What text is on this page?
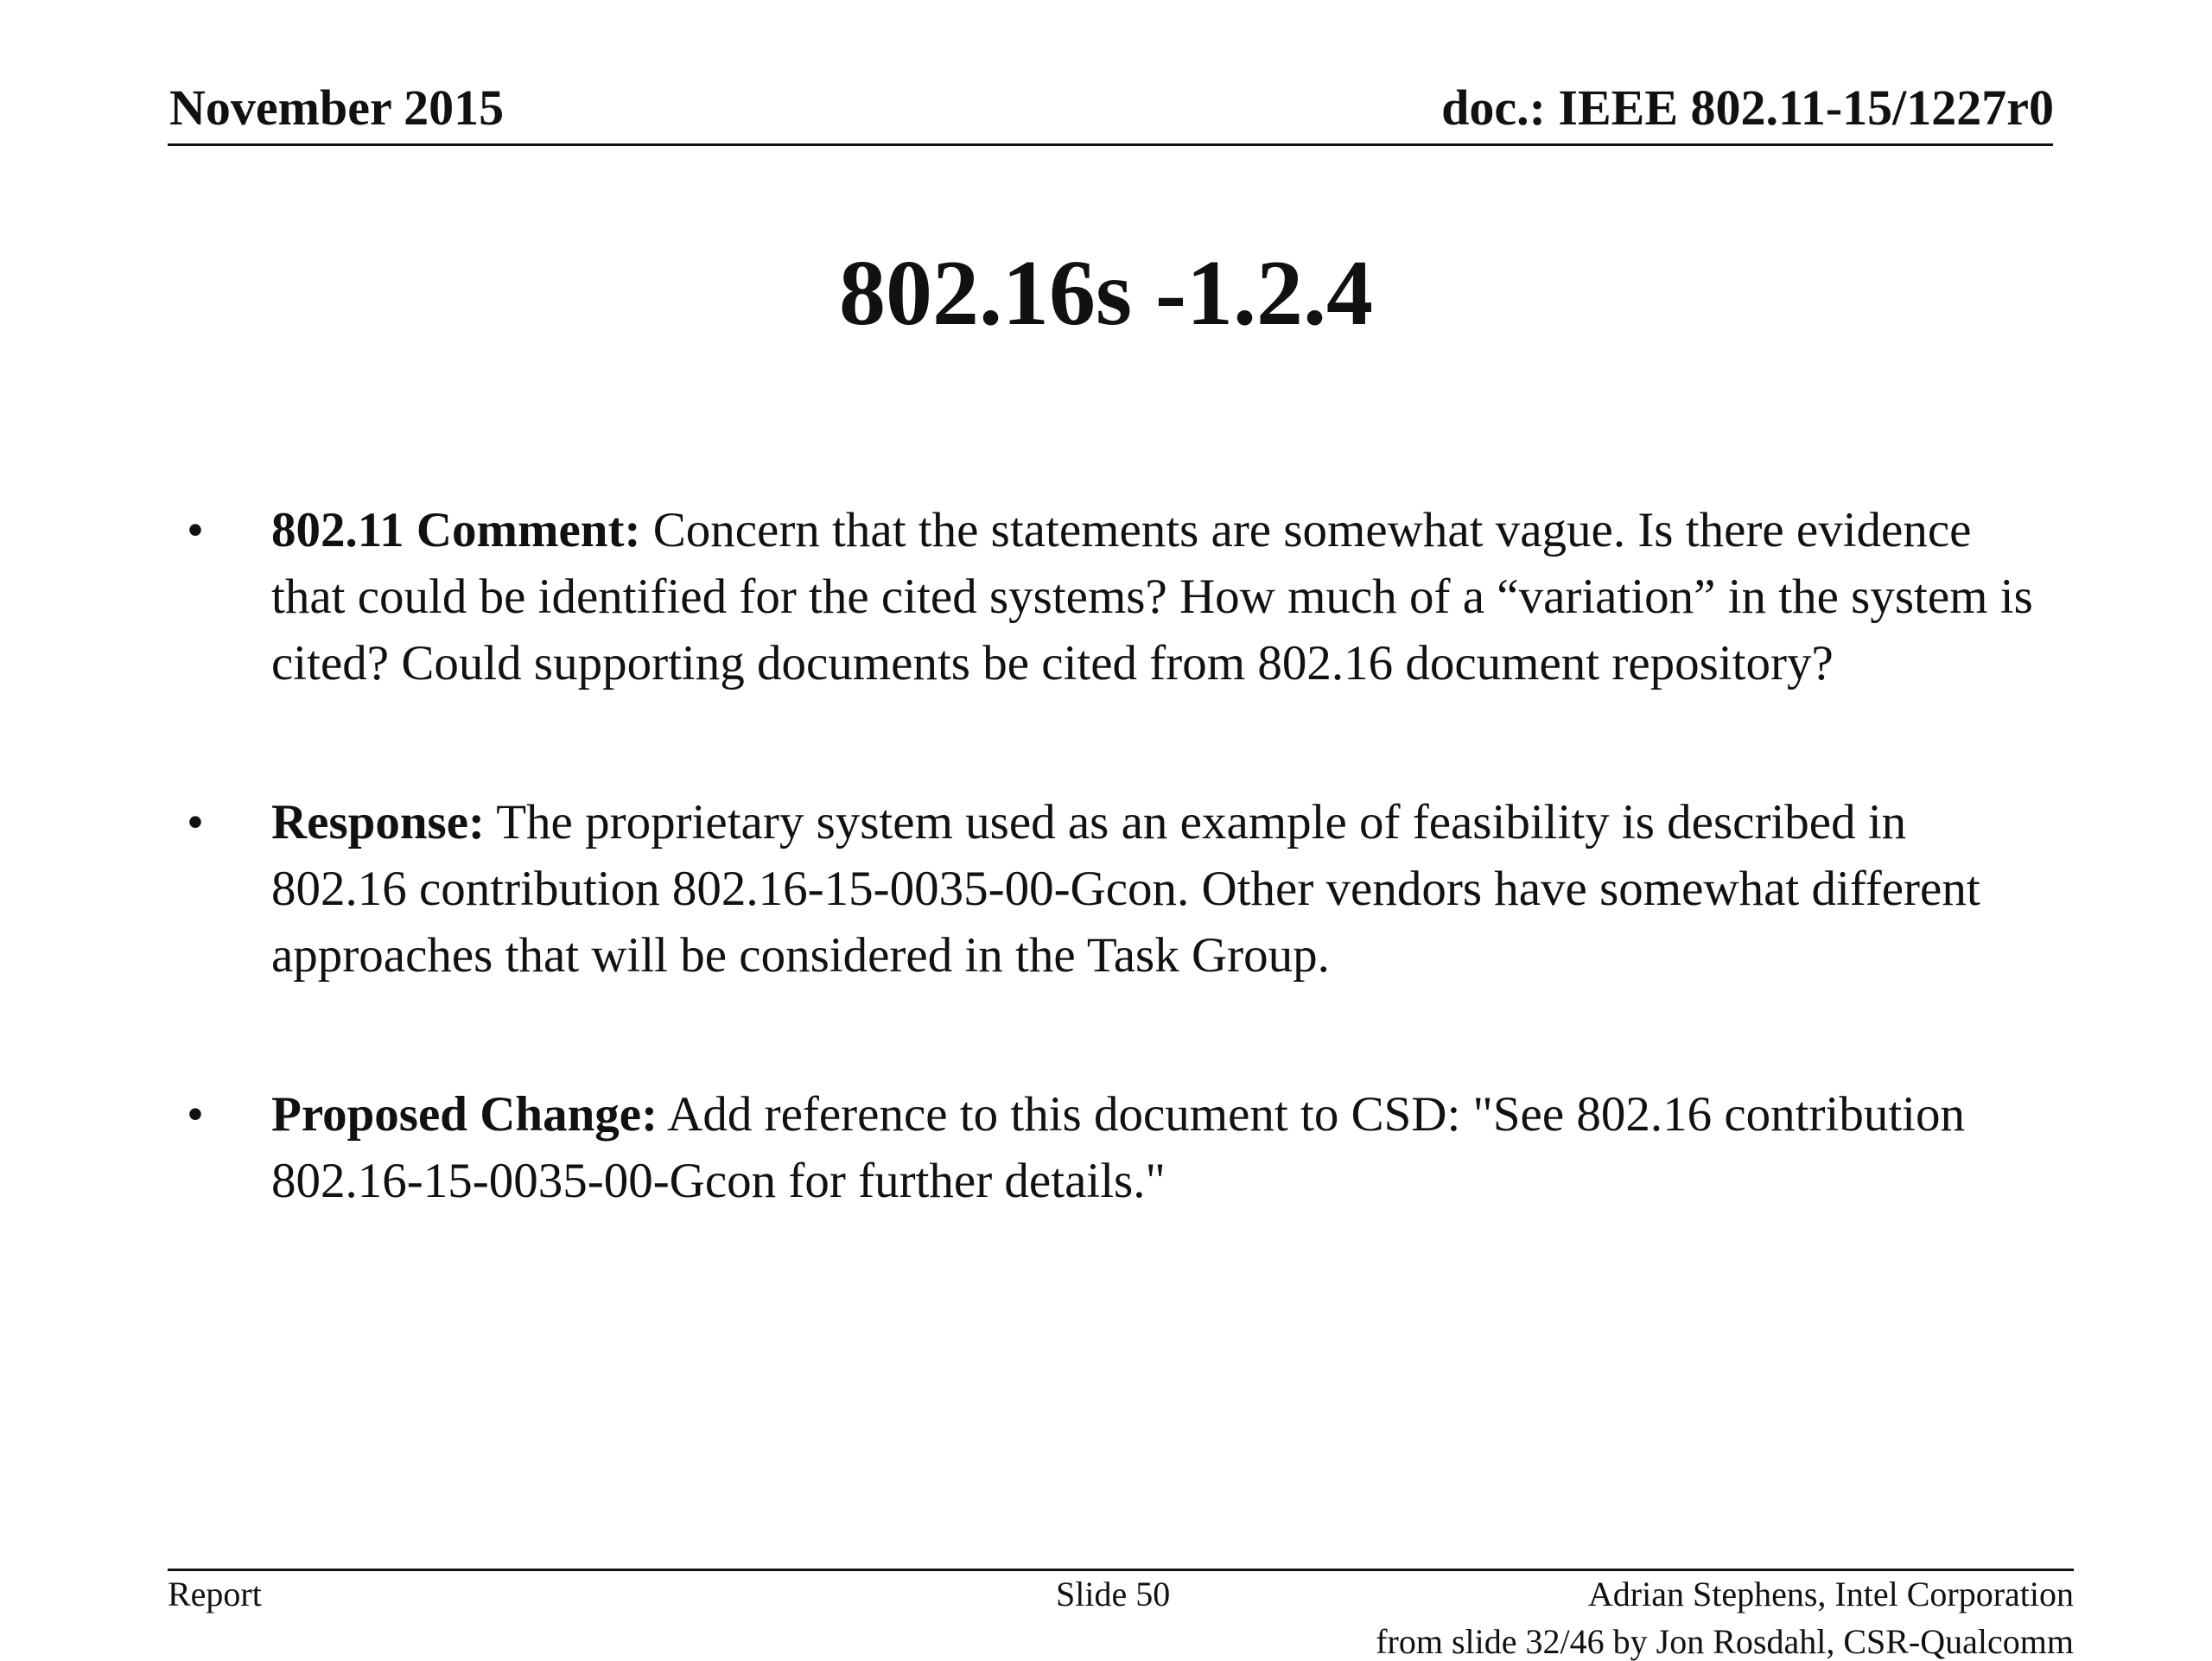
November 2015	doc.: IEEE 802.11-15/1227r0
802.16s -1.2.4
•	802.11 Comment: Concern that the statements are somewhat vague. Is there evidence that could be identified for the cited systems? How much of a “variation” in the system is cited? Could supporting documents be cited from 802.16 document repository?
•	Response: The proprietary system used as an example of feasibility is described in 802.16 contribution 802.16-15-0035-00-Gcon. Other vendors have somewhat different approaches that will be considered in the Task Group.
•	Proposed Change: Add reference to this document to CSD: "See 802.16 contribution 802.16-15-0035-00-Gcon for further details."
Report	Slide 50	Adrian Stephens, Intel Corporation
from slide 32/46 by Jon Rosdahl, CSR-Qualcomm
